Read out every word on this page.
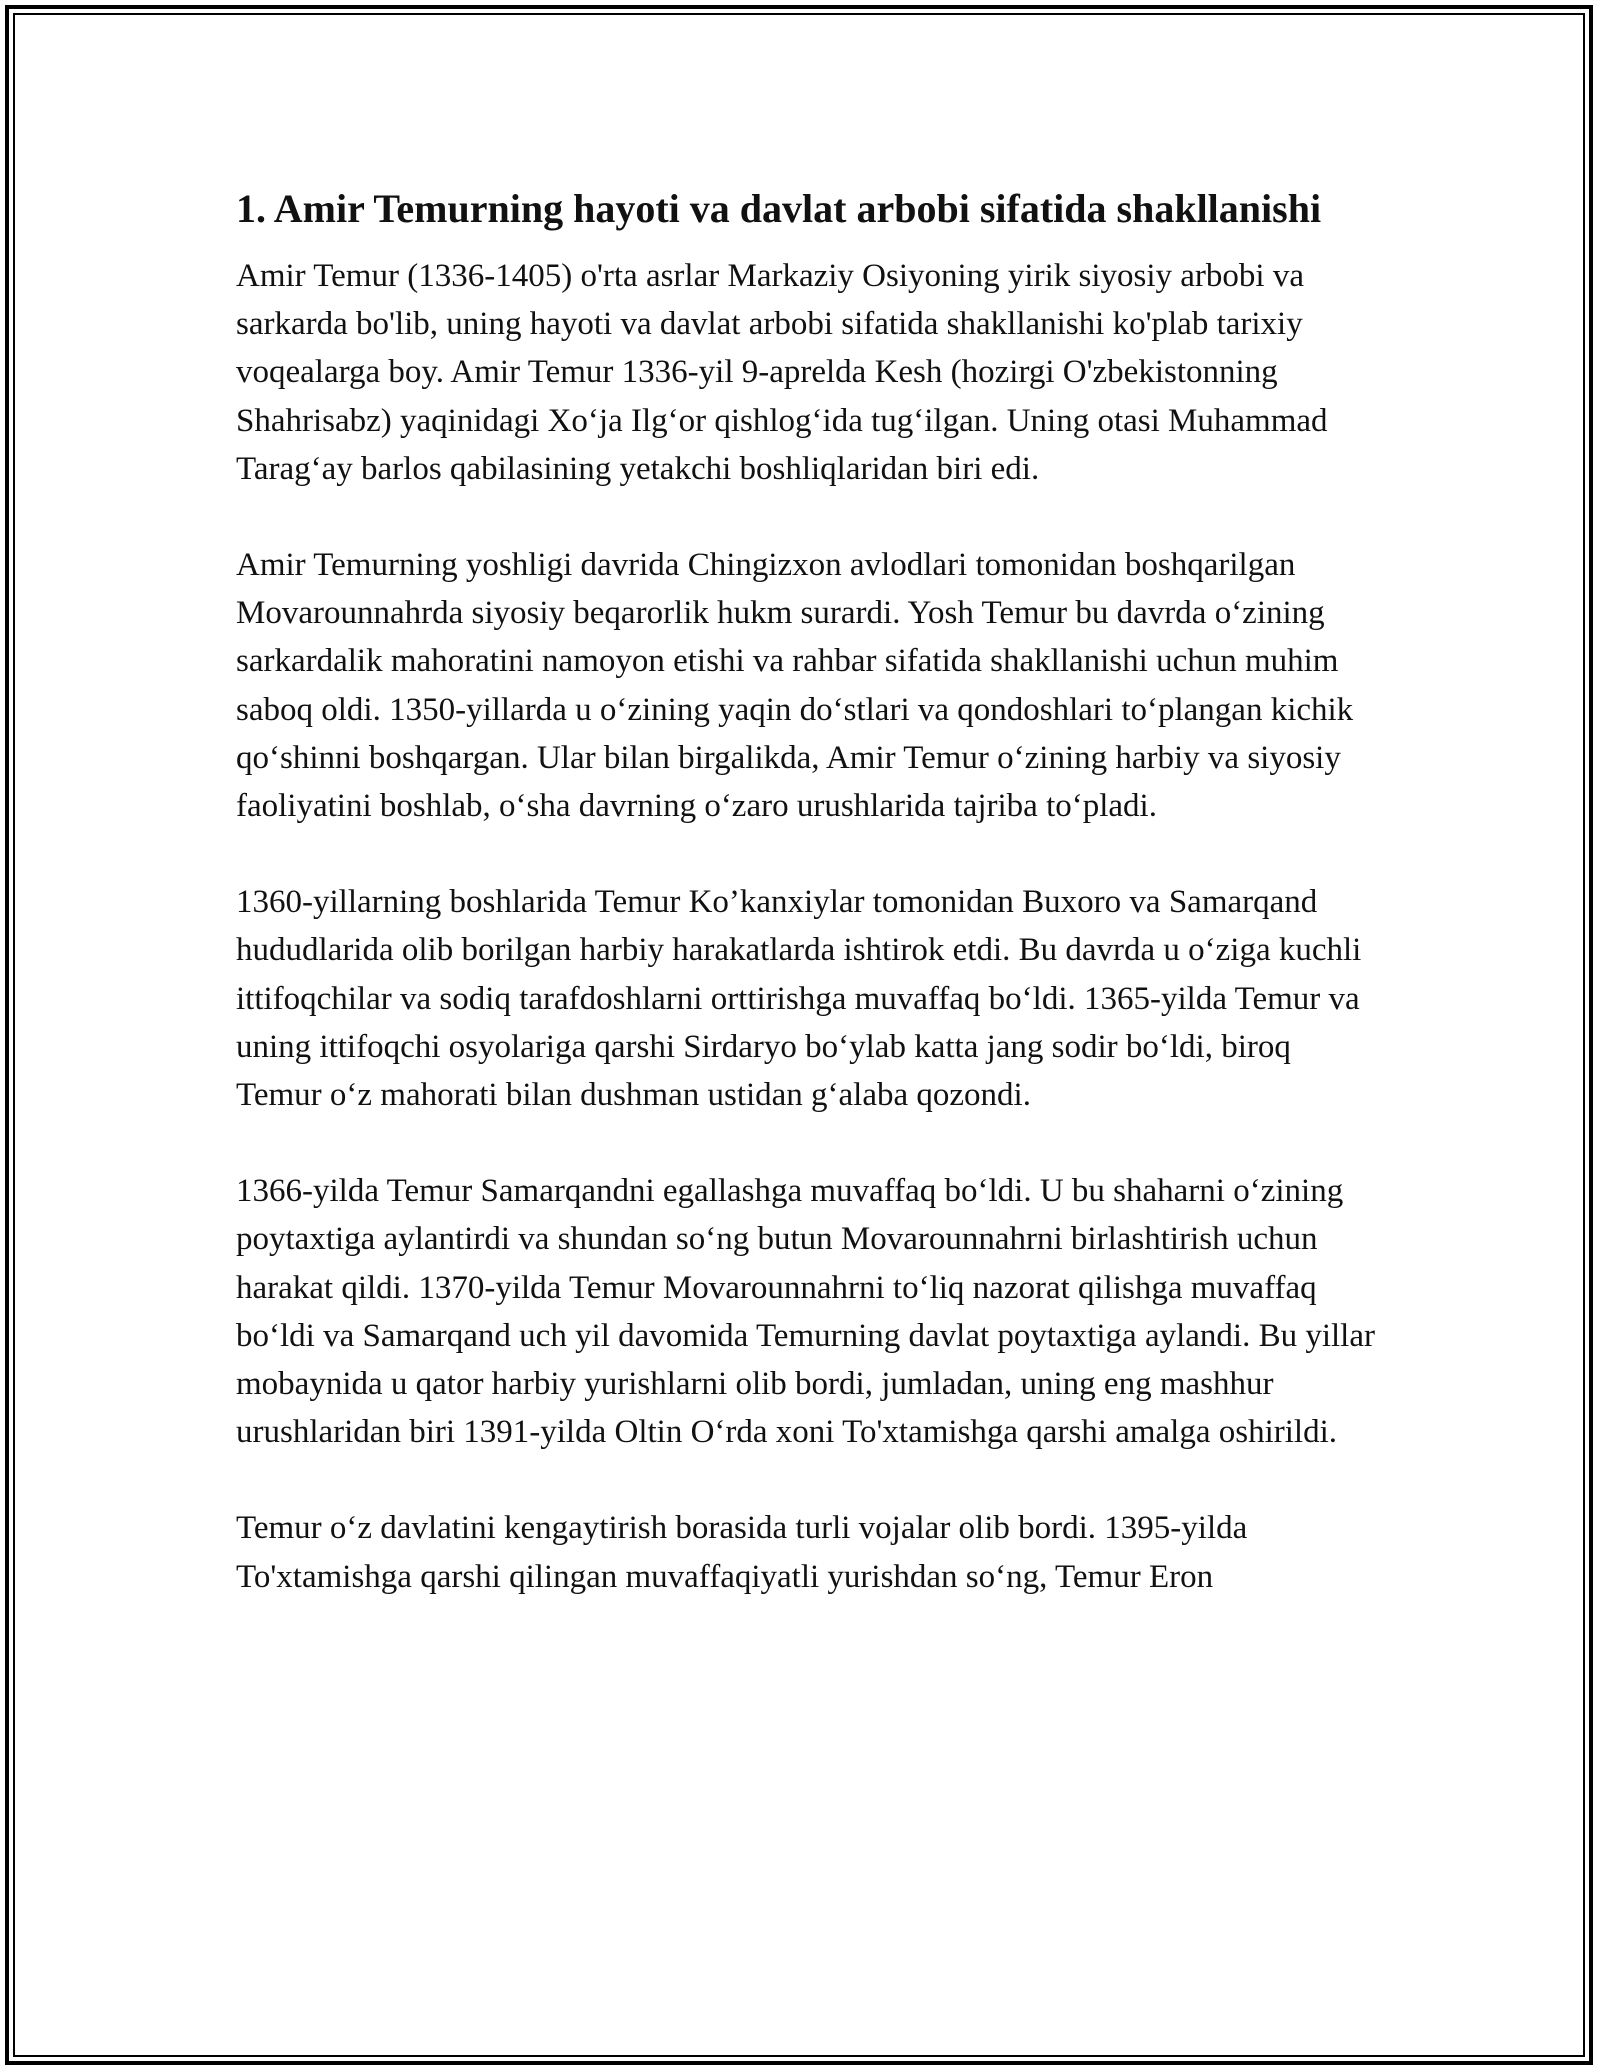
1. Amir Temurning hayoti va davlat arbobi sifatida shakllanishi

Amir Temur (1336-1405) o'rta asrlar Markaziy Osiyoning yirik siyosiy arbobi va sarkarda bo'lib, uning hayoti va davlat arbobi sifatida shakllanishi ko'plab tarixiy voqealarga boy. Amir Temur 1336-yil 9-aprelda Kesh (hozirgi O'zbekistonning Shahrisabz) yaqinidagi Xoʻja Ilgʻor qishlogʻida tugʻilgan. Uning otasi Muhammad Taragʻay barlos qabilasining yetakchi boshliqlaridan biri edi.

Amir Temurning yoshligi davrida Chingizxon avlodlari tomonidan boshqarilgan Movarounnahrda siyosiy beqarorlik hukm surardi. Yosh Temur bu davrda oʻzining sarkardalik mahoratini namoyon etishi va rahbar sifatida shakllanishi uchun muhim saboq oldi. 1350-yillarda u oʻzining yaqin doʻstlari va qondoshlari toʻplangan kichik qoʻshinni boshqargan. Ular bilan birgalikda, Amir Temur oʻzining harbiy va siyosiy faoliyatini boshlab, oʻsha davrning oʻzaro urushlarida tajriba toʻpladi.

1360-yillarning boshlarida Temur Ko’kanxiylar tomonidan Buxoro va Samarqand hududlarida olib borilgan harbiy harakatlarda ishtirok etdi. Bu davrda u oʻziga kuchli ittifoqchilar va sodiq tarafdoshlarni orttirishga muvaffaq boʻldi. 1365-yilda Temur va uning ittifoqchi osyolariga qarshi Sirdaryo boʻylab katta jang sodir boʻldi, biroq Temur oʻz mahorati bilan dushman ustidan gʻalaba qozondi.

1366-yilda Temur Samarqandni egallashga muvaffaq boʻldi. U bu shaharni oʻzining poytaxtiga aylantirdi va shundan soʻng butun Movarounnahrni birlashtirish uchun harakat qildi. 1370-yilda Temur Movarounnahrni toʻliq nazorat qilishga muvaffaq boʻldi va Samarqand uch yil davomida Temurning davlat poytaxtiga aylandi. Bu yillar mobaynida u qator harbiy yurishlarni olib bordi, jumladan, uning eng mashhur urushlaridan biri 1391-yilda Oltin Oʻrda xoni To'xtamishga qarshi amalga oshirildi.

Temur oʻz davlatini kengaytirish borasida turli vojalar olib bordi. 1395-yilda To'xtamishga qarshi qilingan muvaffaqiyatli yurishdan soʻng, Temur Eron
